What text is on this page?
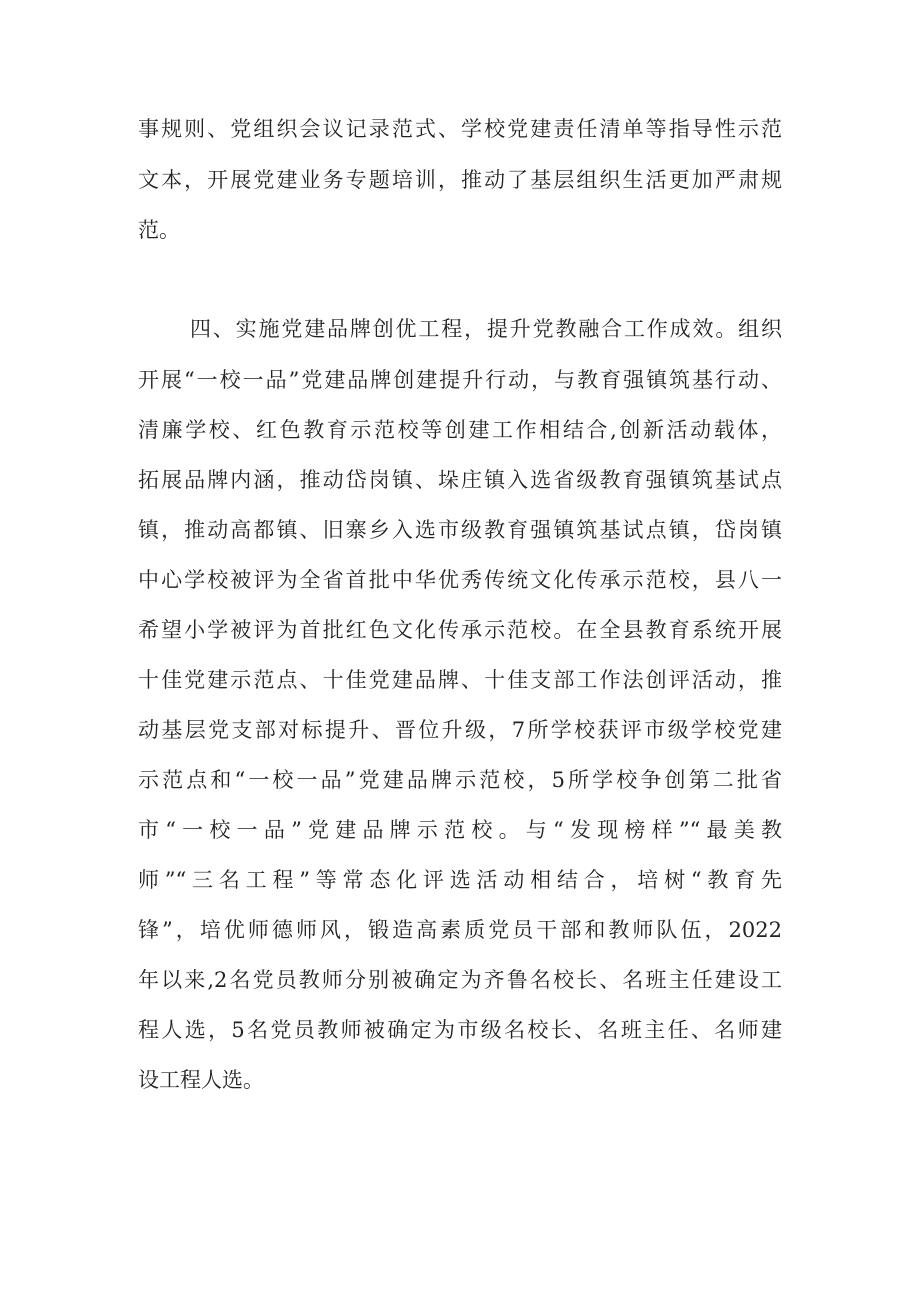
事规则、党组织会议记录范式、学校党建责任清单等指导性示范
文本，开展党建业务专题培训，推动了基层组织生活更加严肃规
范。
四、实施党建品牌创优工程，提升党教融合工作成效。组织
开展“一校一品”党建品牌创建提升行动，与教育强镇筑基行动、
清廉学校、红色教育示范校等创建工作相结合,创新活动载体，
拓展品牌内涵，推动岱岗镇、垛庄镇入选省级教育强镇筑基试点
镇，推动高都镇、旧寨乡入选市级教育强镇筑基试点镇，岱岗镇
中心学校被评为全省首批中华优秀传统文化传承示范校，县八一
希望小学被评为首批红色文化传承示范校。在全县教育系统开展
十佳党建示范点、十佳党建品牌、十佳支部工作法创评活动，推
动基层党支部对标提升、晋位升级，7所学校获评市级学校党建
示范点和“一校一品”党建品牌示范校，5所学校争创第二批省
市“一校一品”党建品牌示范校。与“发现榜样”“最美教
师”“三名工程”等常态化评选活动相结合，培树“教育先
锋”，培优师德师风，锻造高素质党员干部和教师队伍，2022
年以来,2名党员教师分别被确定为齐鲁名校长、名班主任建设工
程人选，5名党员教师被确定为市级名校长、名班主任、名师建
设工程人选。
